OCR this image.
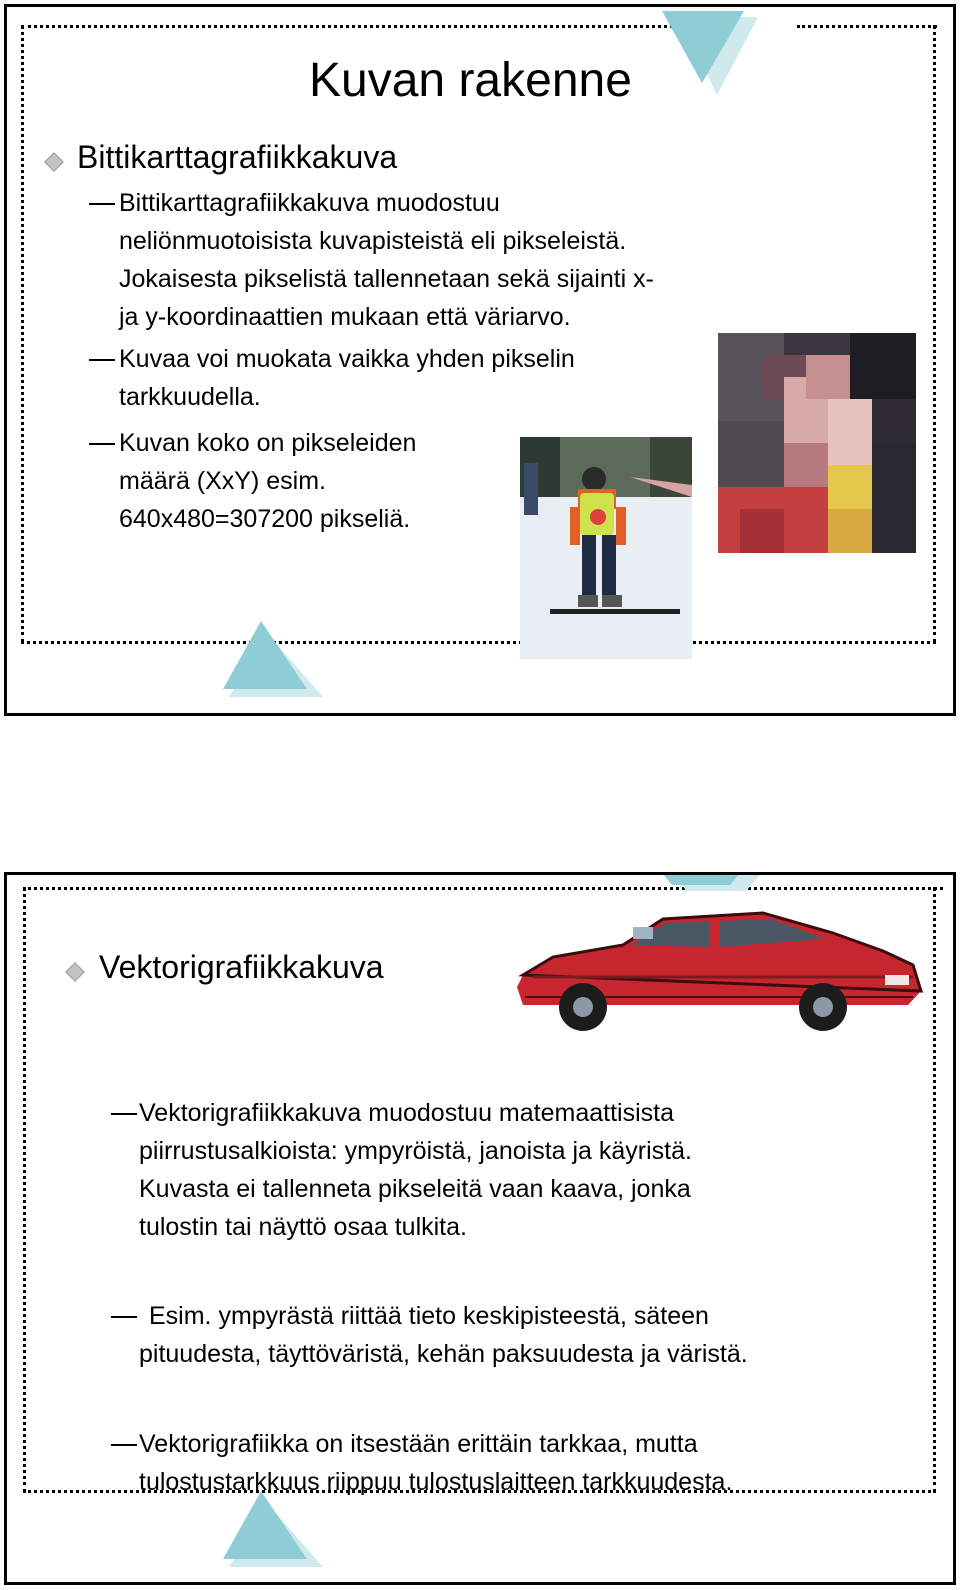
Kuvan rakenne
Bittikarttagrafiikkakuva
Bittikarttagrafiikkakuva muodostuu
neliönmuotoisista kuvapisteistä eli pikseleistä.
Jokaisesta pikselistä tallennetaan sekä sijainti x-
ja y-koordinaattien mukaan että väriarvo.
Kuvaa voi muokata vaikka yhden pikselin
tarkkuudella.
Kuvan koko on pikseleiden
määrä (XxY) esim.
640x480=307200 pikseliä.
Vektorigrafiikkakuva
Vektorigrafiikkakuva muodostuu matemaattisista
piirrustusalkioista: ympyröistä, janoista ja käyristä.
Kuvasta ei tallenneta pikseleitä vaan kaava, jonka
tulostin tai näyttö osaa tulkita.
Esim. ympyrästä riittää tieto keskipisteestä, säteen
pituudesta, täyttöväristä, kehän paksuudesta ja väristä.
Vektorigrafiikka on itsestään erittäin tarkkaa, mutta
tulostustarkkuus riippuu tulostuslaitteen tarkkuudesta.
